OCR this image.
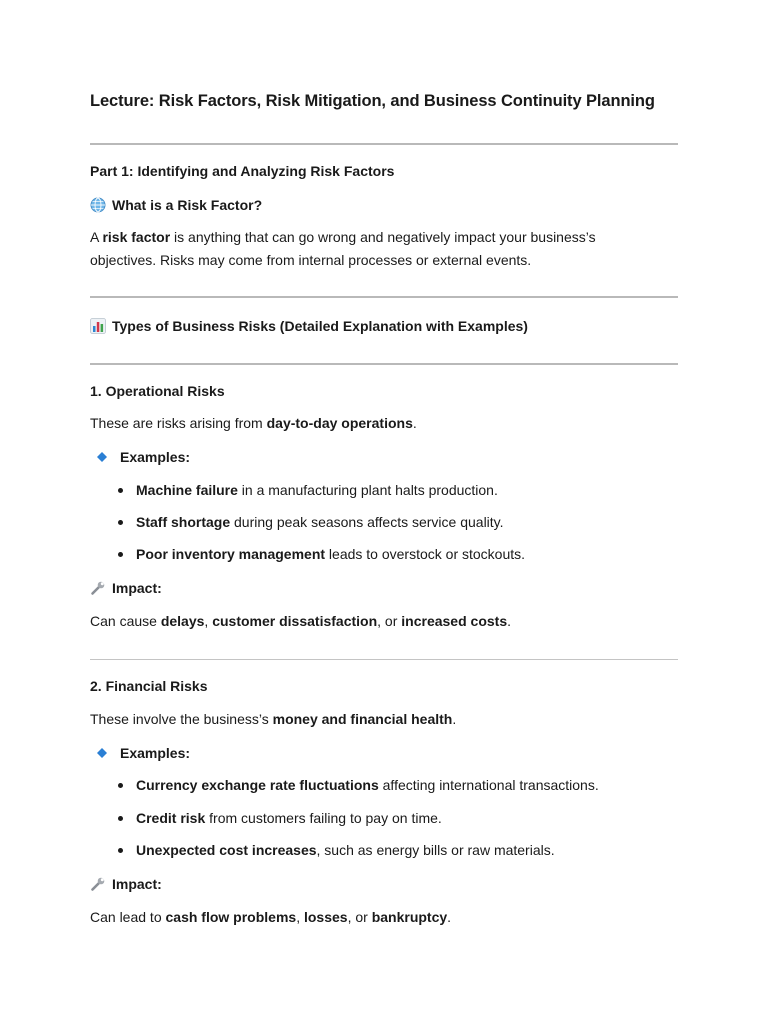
Lecture: Risk Factors, Risk Mitigation, and Business Continuity Planning
Part 1: Identifying and Analyzing Risk Factors
What is a Risk Factor?
A risk factor is anything that can go wrong and negatively impact your business’s
objectives. Risks may come from internal processes or external events.
Types of Business Risks (Detailed Explanation with Examples)
1. Operational Risks
These are risks arising from day-to-day operations.
Examples:
Machine failure in a manufacturing plant halts production.
Staff shortage during peak seasons affects service quality.
Poor inventory management leads to overstock or stockouts.
Impact:
Can cause delays, customer dissatisfaction, or increased costs.
2. Financial Risks
These involve the business’s money and financial health.
Examples:
Currency exchange rate fluctuations affecting international transactions.
Credit risk from customers failing to pay on time.
Unexpected cost increases, such as energy bills or raw materials.
Impact:
Can lead to cash flow problems, losses, or bankruptcy.
